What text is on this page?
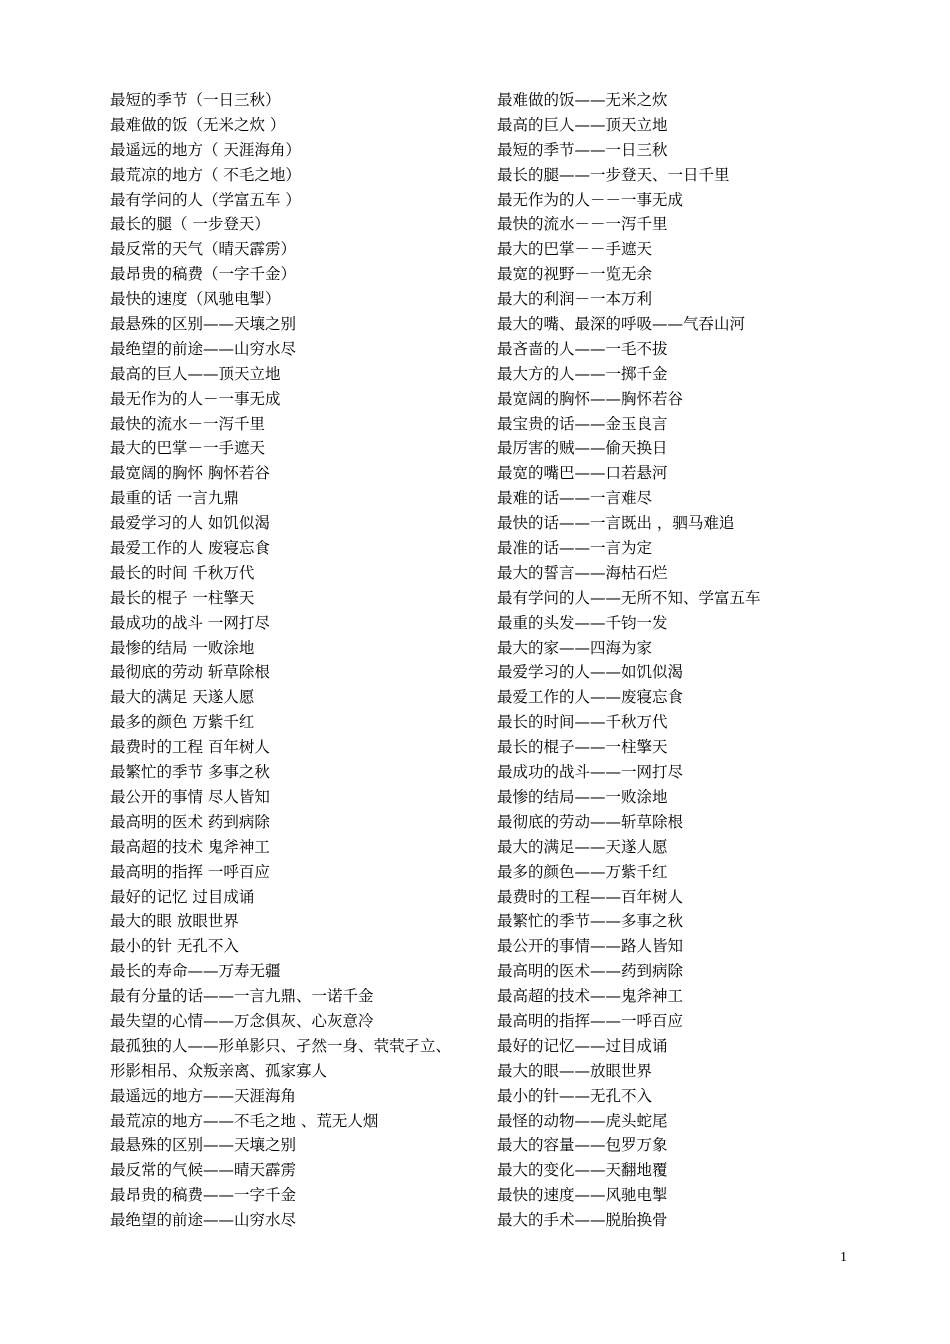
最短的季节（一日三秋）
最难做的饭（无米之炊 ）
最遥远的地方（ 天涯海角）
最荒凉的地方（ 不毛之地）
最有学问的人（学富五车 ）
最长的腿（ 一步登天）
最反常的天气（晴天霹雳）
最昂贵的稿费（一字千金）
最快的速度（风驰电掣）
最悬殊的区别——天壤之别
最绝望的前途——山穷水尽
最高的巨人——顶天立地
最无作为的人－一事无成
最快的流水－一泻千里
最大的巴掌－一手遮天
最宽阔的胸怀 胸怀若谷
最重的话 一言九鼎
最爱学习的人 如饥似渴
最爱工作的人 废寝忘食
最长的时间 千秋万代
最长的棍子 一柱擎天
最成功的战斗 一网打尽
最惨的结局 一败涂地
最彻底的劳动 斩草除根
最大的满足 天遂人愿
最多的颜色 万紫千红
最费时的工程 百年树人
最繁忙的季节 多事之秋
最公开的事情 尽人皆知
最高明的医术 药到病除
最高超的技术 鬼斧神工
最高明的指挥 一呼百应
最好的记忆 过目成诵
最大的眼 放眼世界
最小的针 无孔不入
最长的寿命——万寿无疆
最有分量的话——一言九鼎、一诺千金
最失望的心情——万念俱灰、心灰意冷
最孤独的人——形单影只、孑然一身、茕茕孑立、
形影相吊、众叛亲离、孤家寡人
最遥远的地方——天涯海角
最荒凉的地方——不毛之地 、荒无人烟
最悬殊的区别——天壤之别
最反常的气候——晴天霹雳
最昂贵的稿费——一字千金
最绝望的前途——山穷水尽
最难做的饭——无米之炊
最高的巨人——顶天立地
最短的季节——一日三秋
最长的腿——一步登天、一日千里
最无作为的人－－一事无成
最快的流水－－一泻千里
最大的巴掌－－手遮天
最宽的视野－一览无余
最大的利润－一本万利
最大的嘴、最深的呼吸——气吞山河
最吝啬的人——一毛不拔
最大方的人——一掷千金
最宽阔的胸怀——胸怀若谷
最宝贵的话——金玉良言
最厉害的贼——偷天换日
最宽的嘴巴——口若悬河
最难的话——一言难尽
最快的话——一言既出 ，驷马难追
最准的话——一言为定
最大的誓言——海枯石烂
最有学问的人——无所不知、学富五车
最重的头发——千钧一发
最大的家——四海为家
最爱学习的人——如饥似渴
最爱工作的人——废寝忘食
最长的时间——千秋万代
最长的棍子——一柱擎天
最成功的战斗——一网打尽
最惨的结局——一败涂地
最彻底的劳动——斩草除根
最大的满足——天遂人愿
最多的颜色——万紫千红
最费时的工程——百年树人
最繁忙的季节——多事之秋
最公开的事情——路人皆知
最高明的医术——药到病除
最高超的技术——鬼斧神工
最高明的指挥——一呼百应
最好的记忆——过目成诵
最大的眼——放眼世界
最小的针——无孔不入
最怪的动物——虎头蛇尾
最大的容量——包罗万象
最大的变化——天翻地覆
最快的速度——风驰电掣
最大的手术——脱胎换骨
1
